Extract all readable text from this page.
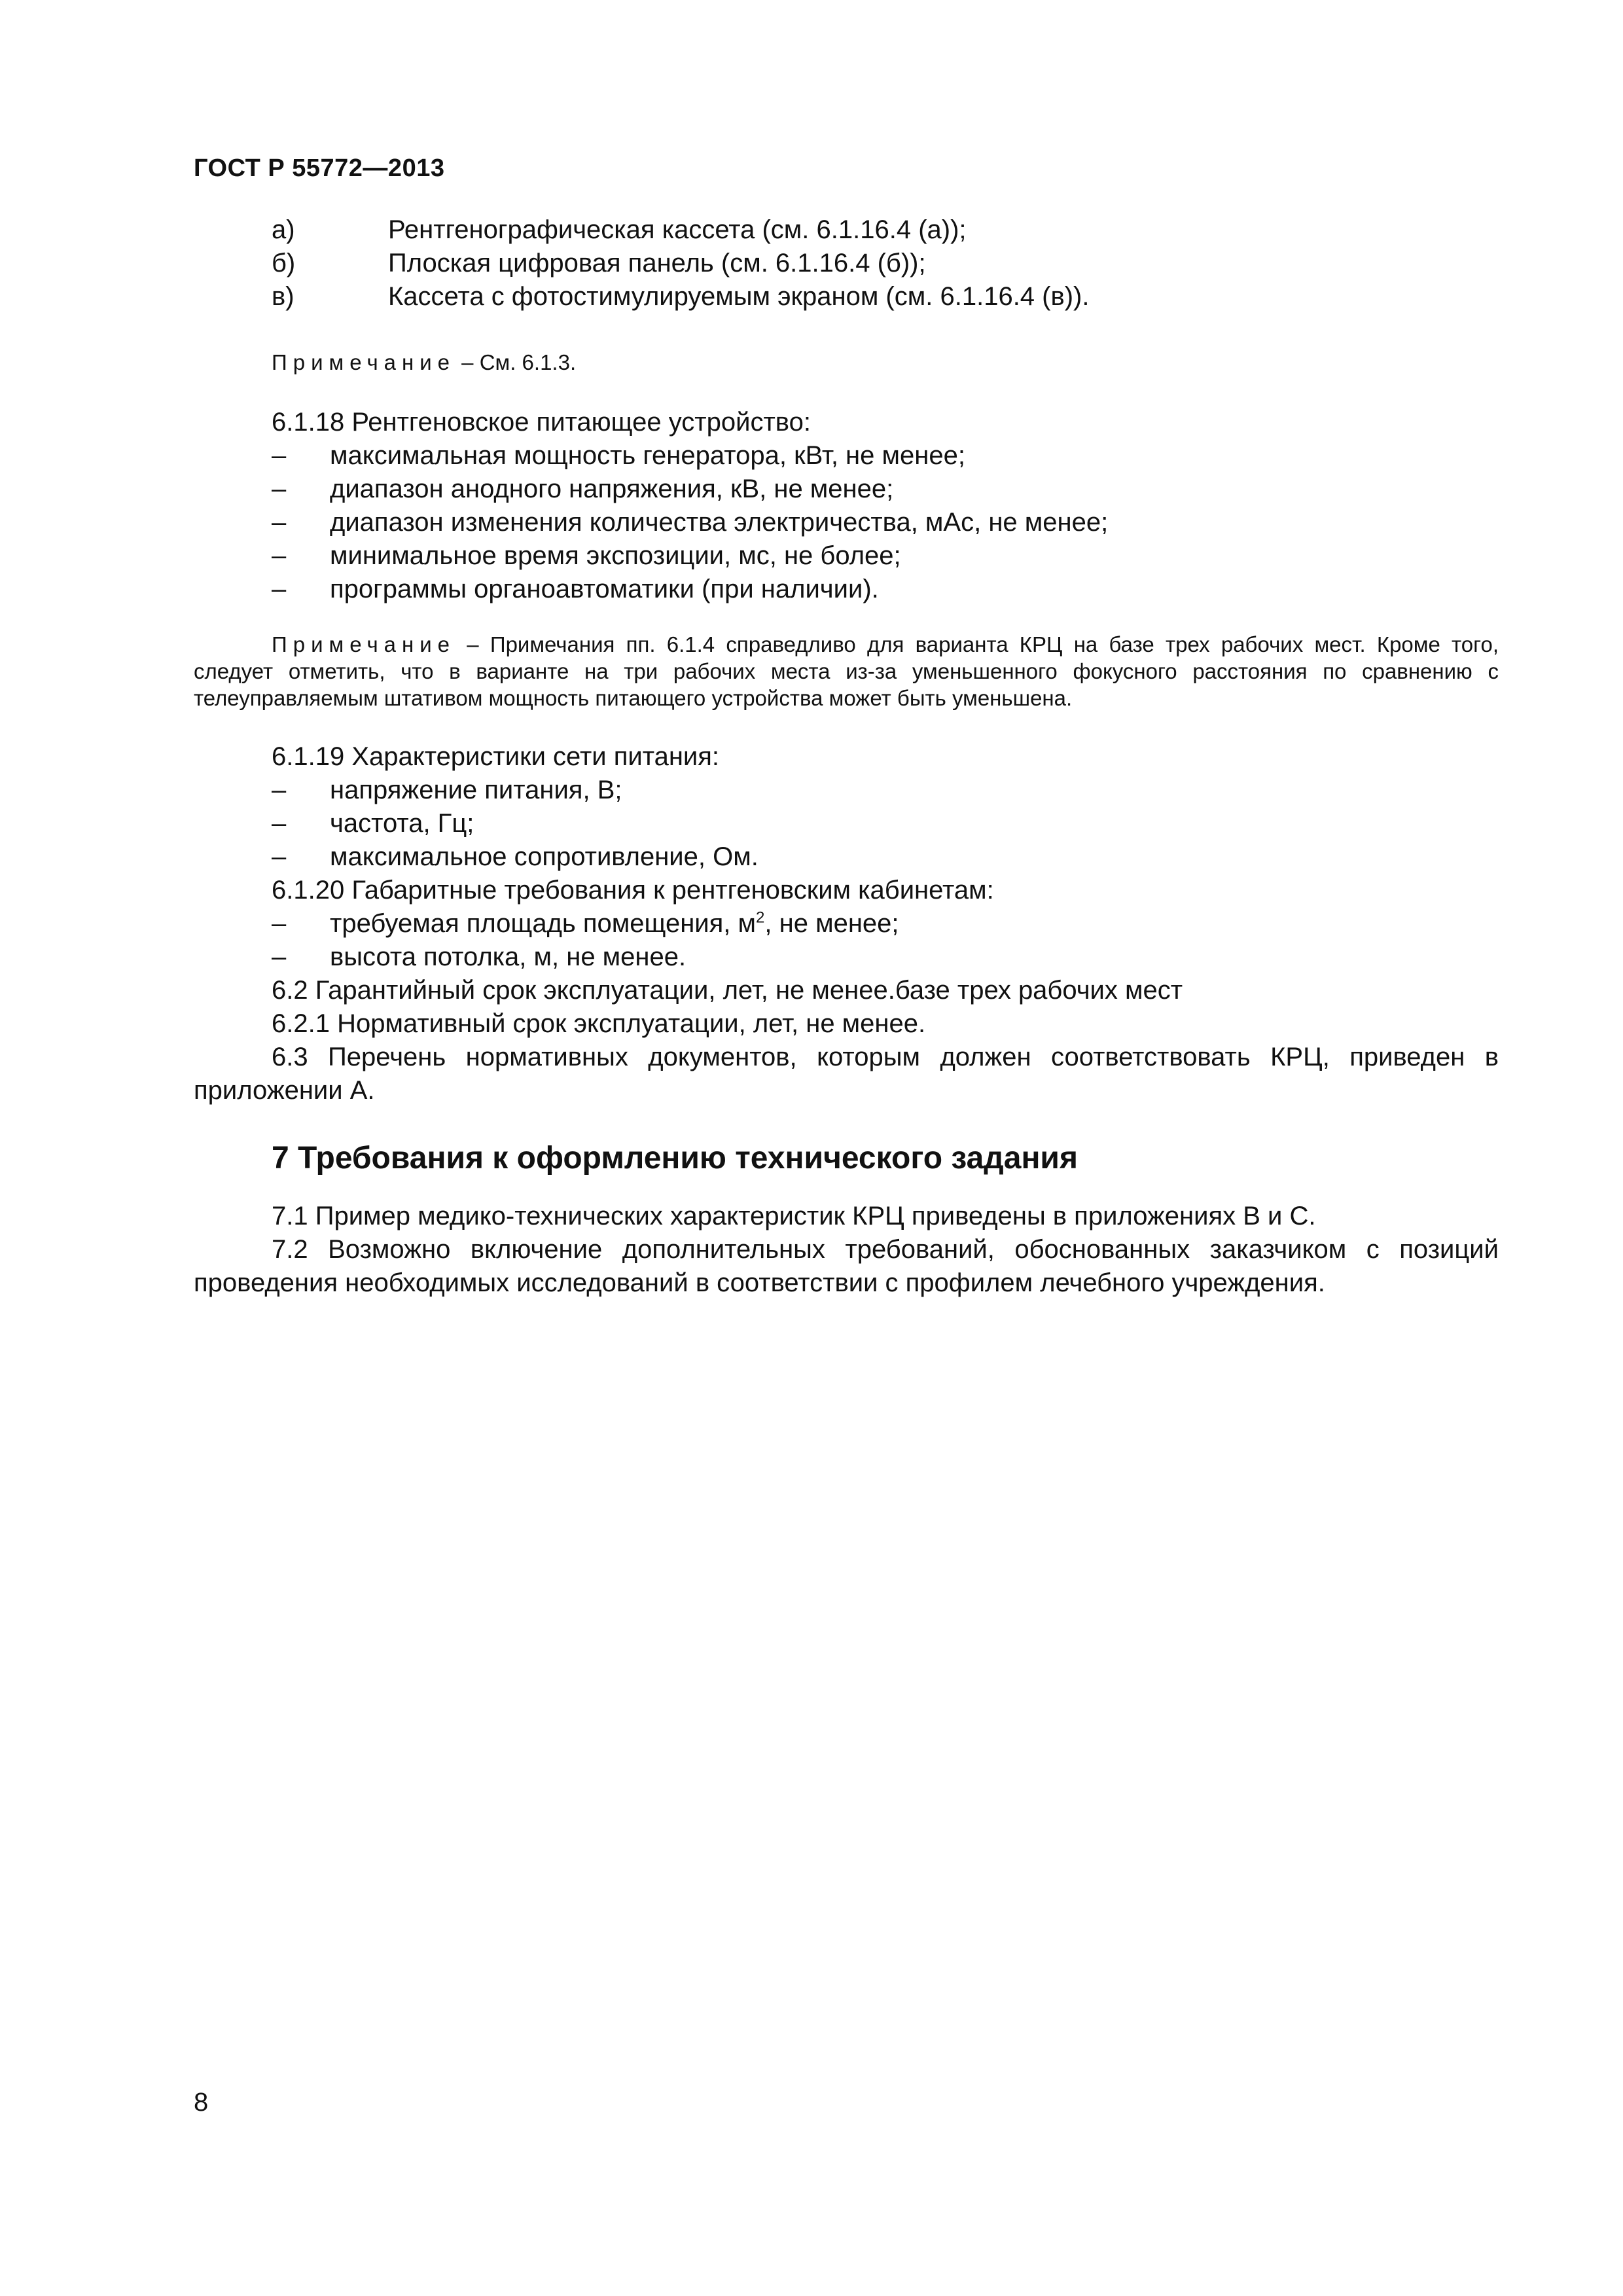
ГОСТ Р 55772—2013
а)	Рентгенографическая кассета (см. 6.1.16.4 (а));
б)	Плоская цифровая панель (см. 6.1.16.4 (б));
в)	Кассета с фотостимулируемым экраном (см. 6.1.16.4 (в)).

Примечание – См. 6.1.3.

6.1.18 Рентгеновское питающее устройство:

–	максимальная мощность генератора, кВт, не менее;
–	диапазон анодного напряжения, кВ, не менее;
–	диапазон изменения количества электричества, мАс, не менее;
–	минимальное время экспозиции, мс, не более;
–	программы органоавтоматики (при наличии).

Примечание – Примечания пп. 6.1.4 справедливо для варианта КРЦ на базе трех рабочих мест. Кроме того, следует отметить, что в варианте на три рабочих места из-за уменьшенного фокусного расстояния по сравнению с телеуправляемым штативом мощность питающего устройства может быть уменьшена.

6.1.19 Характеристики сети питания:

–	напряжение питания, В;
–	частота, Гц;
–	максимальное сопротивление, Ом.

6.1.20 Габаритные требования к рентгеновским кабинетам:

–	требуемая площадь помещения, $м^2$, не менее;
–	высота потолка, м, не менее.

6.2 Гарантийный срок эксплуатации, лет, не менее.базе трех рабочих мест

6.2.1 Нормативный срок эксплуатации, лет, не менее.

6.3 Перечень нормативных документов, которым должен соответствовать КРЦ, приведен в приложении А.

7 Требования к оформлению технического задания

7.1 Пример медико-технических характеристик КРЦ приведены в приложениях В и С.

7.2 Возможно включение дополнительных требований, обоснованных заказчиком с позиций проведения необходимых исследований в соответствии с профилем лечебного учреждения.

8
